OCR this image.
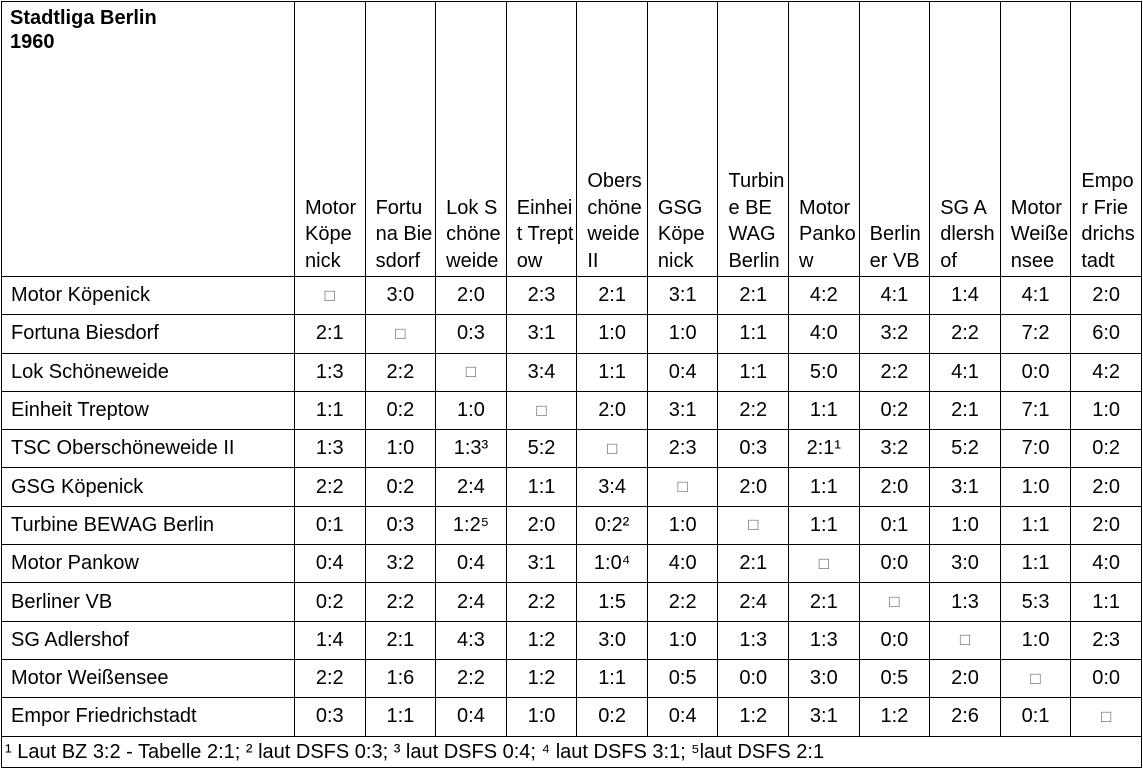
Stadtliga Berlin
1960	Motor Köpenick	Fortuna Biesdorf	Lok Schöneweide	Einheit Treptow	Oberschöneweide II	GSG Köpenick	Turbine BEWAG Berlin	Motor Pankow	Berliner VB	SG Adlershof	Motor Weißensee	Empor Friedrichstadt
Motor Köpenick	□	3:0	2:0	2:3	2:1	3:1	2:1	4:2	4:1	1:4	4:1	2:0
Fortuna Biesdorf	2:1	□	0:3	3:1	1:0	1:0	1:1	4:0	3:2	2:2	7:2	6:0
Lok Schöneweide	1:3	2:2	□	3:4	1:1	0:4	1:1	5:0	2:2	4:1	0:0	4:2
Einheit Treptow	1:1	0:2	1:0	□	2:0	3:1	2:2	1:1	0:2	2:1	7:1	1:0
TSC Oberschöneweide II	1:3	1:0	1:3³	5:2	□	2:3	0:3	2:1¹	3:2	5:2	7:0	0:2
GSG Köpenick	2:2	0:2	2:4	1:1	3:4	□	2:0	1:1	2:0	3:1	1:0	2:0
Turbine BEWAG Berlin	0:1	0:3	1:2⁵	2:0	0:2²	1:0	□	1:1	0:1	1:0	1:1	2:0
Motor Pankow	0:4	3:2	0:4	3:1	1:0⁴	4:0	2:1	□	0:0	3:0	1:1	4:0
Berliner VB	0:2	2:2	2:4	2:2	1:5	2:2	2:4	2:1	□	1:3	5:3	1:1
SG Adlershof	1:4	2:1	4:3	1:2	3:0	1:0	1:3	1:3	0:0	□	1:0	2:3
Motor Weißensee	2:2	1:6	2:2	1:2	1:1	0:5	0:0	3:0	0:5	2:0	□	0:0
Empor Friedrichstadt	0:3	1:1	0:4	1:0	0:2	0:4	1:2	3:1	1:2	2:6	0:1	□
¹ Laut BZ 3:2 - Tabelle 2:1; ² laut DSFS 0:3; ³ laut DSFS 0:4; ⁴ laut DSFS 3:1; ⁵laut DSFS 2:1												
